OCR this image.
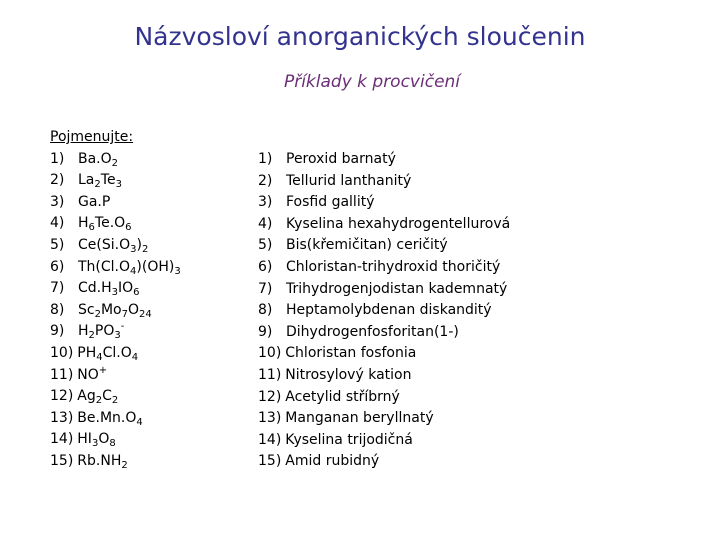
Názvosloví anorganických sloučenin
Příklady k procvičení
Pojmenujte:
1) $Ba.O_2$
2) $La_2Te_3$
3) Ga.P
4) $H_6Te.O_6$
5) $Ce(Si.O_3)_2$
6) $Th(Cl.O_4)(OH)_3$
7) $Cd.H_3IO_6$
8) $Sc_2Mo_7O_{24}$
9) $H_2PO_3^-$
10) $PH_4Cl.O_4$
11) NO+
12) $Ag_2C_2$
13) $Be.Mn.O_4$
14) $HI_3O_8$
15) $Rb.NH_2$
1) Peroxid barnatý
2) Tellurid lanthanitý
3) Fosfid gallitý
4) Kyselina hexahydrogentellurová
5) Bis(křemičitan) ceričitý
6) Chloristan-trihydroxid thoričitý
7) Trihydrogenjodistan kademnatý
8) Heptamolybdenan diskanditý
9) Dihydrogenfosforitan(1-)
10) Chloristan fosfonia
11) Nitrosylový kation
12) Acetylid stříbrný
13) Manganan beryllnatý
14) Kyselina trijodičná
15) Amid rubidný
